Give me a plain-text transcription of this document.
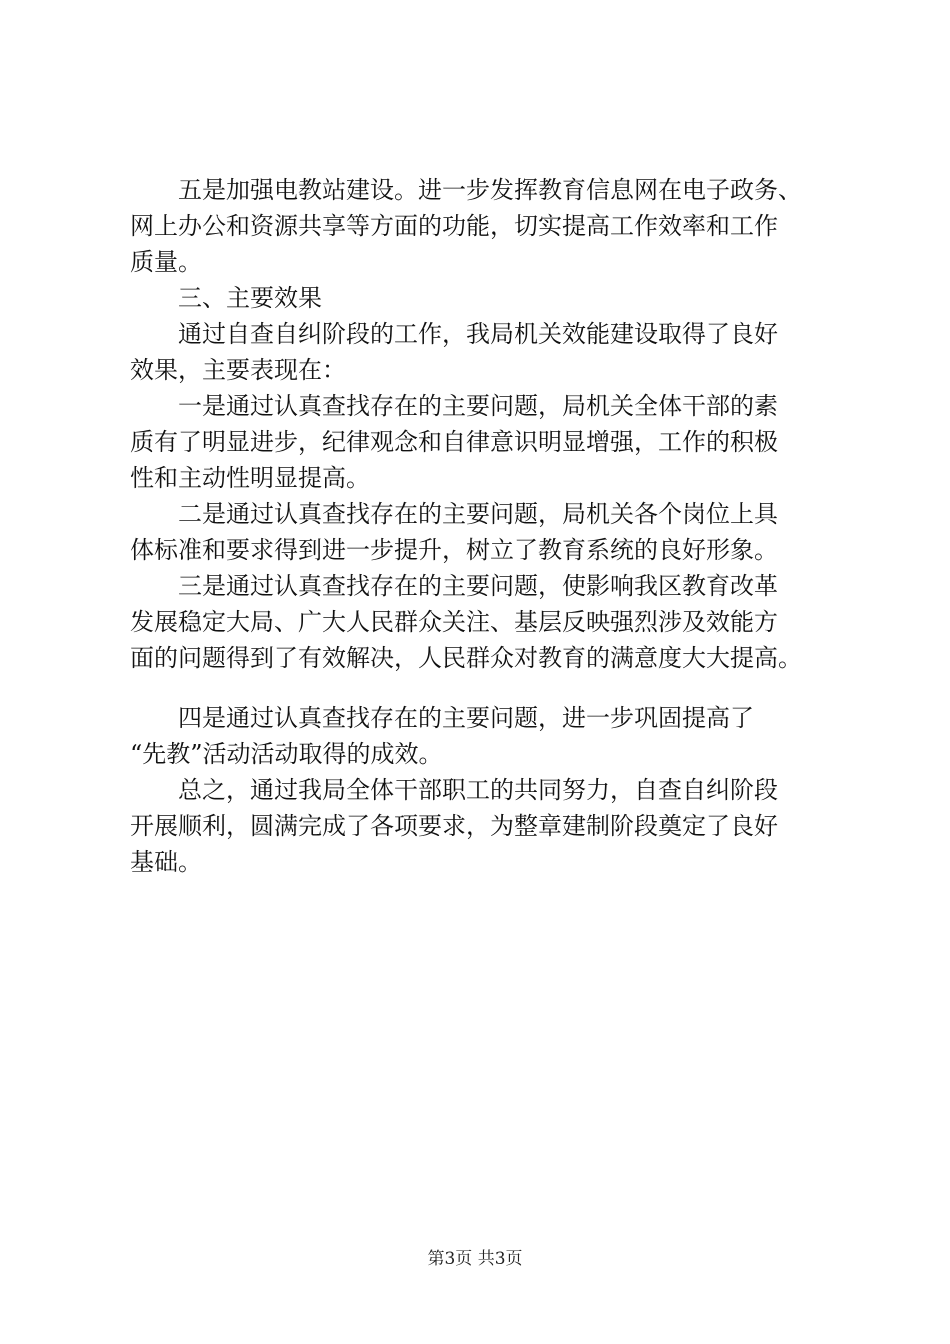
五是加强电教站建设。进一步发挥教育信息网在电子政务、
网上办公和资源共享等方面的功能，切实提高工作效率和工作
质量。
三、主要效果
通过自查自纠阶段的工作，我局机关效能建设取得了良好
效果，主要表现在：
一是通过认真查找存在的主要问题，局机关全体干部的素
质有了明显进步，纪律观念和自律意识明显增强，工作的积极
性和主动性明显提高。
二是通过认真查找存在的主要问题，局机关各个岗位上具
体标准和要求得到进一步提升，树立了教育系统的良好形象。
三是通过认真查找存在的主要问题，使影响我区教育改革
发展稳定大局、广大人民群众关注、基层反映强烈涉及效能方
面的问题得到了有效解决，人民群众对教育的满意度大大提高。
四是通过认真查找存在的主要问题，进一步巩固提高了
“先教”活动活动取得的成效。
总之，通过我局全体干部职工的共同努力，自查自纠阶段
开展顺利，圆满完成了各项要求，为整章建制阶段奠定了良好
基础。
第3页 共3页
